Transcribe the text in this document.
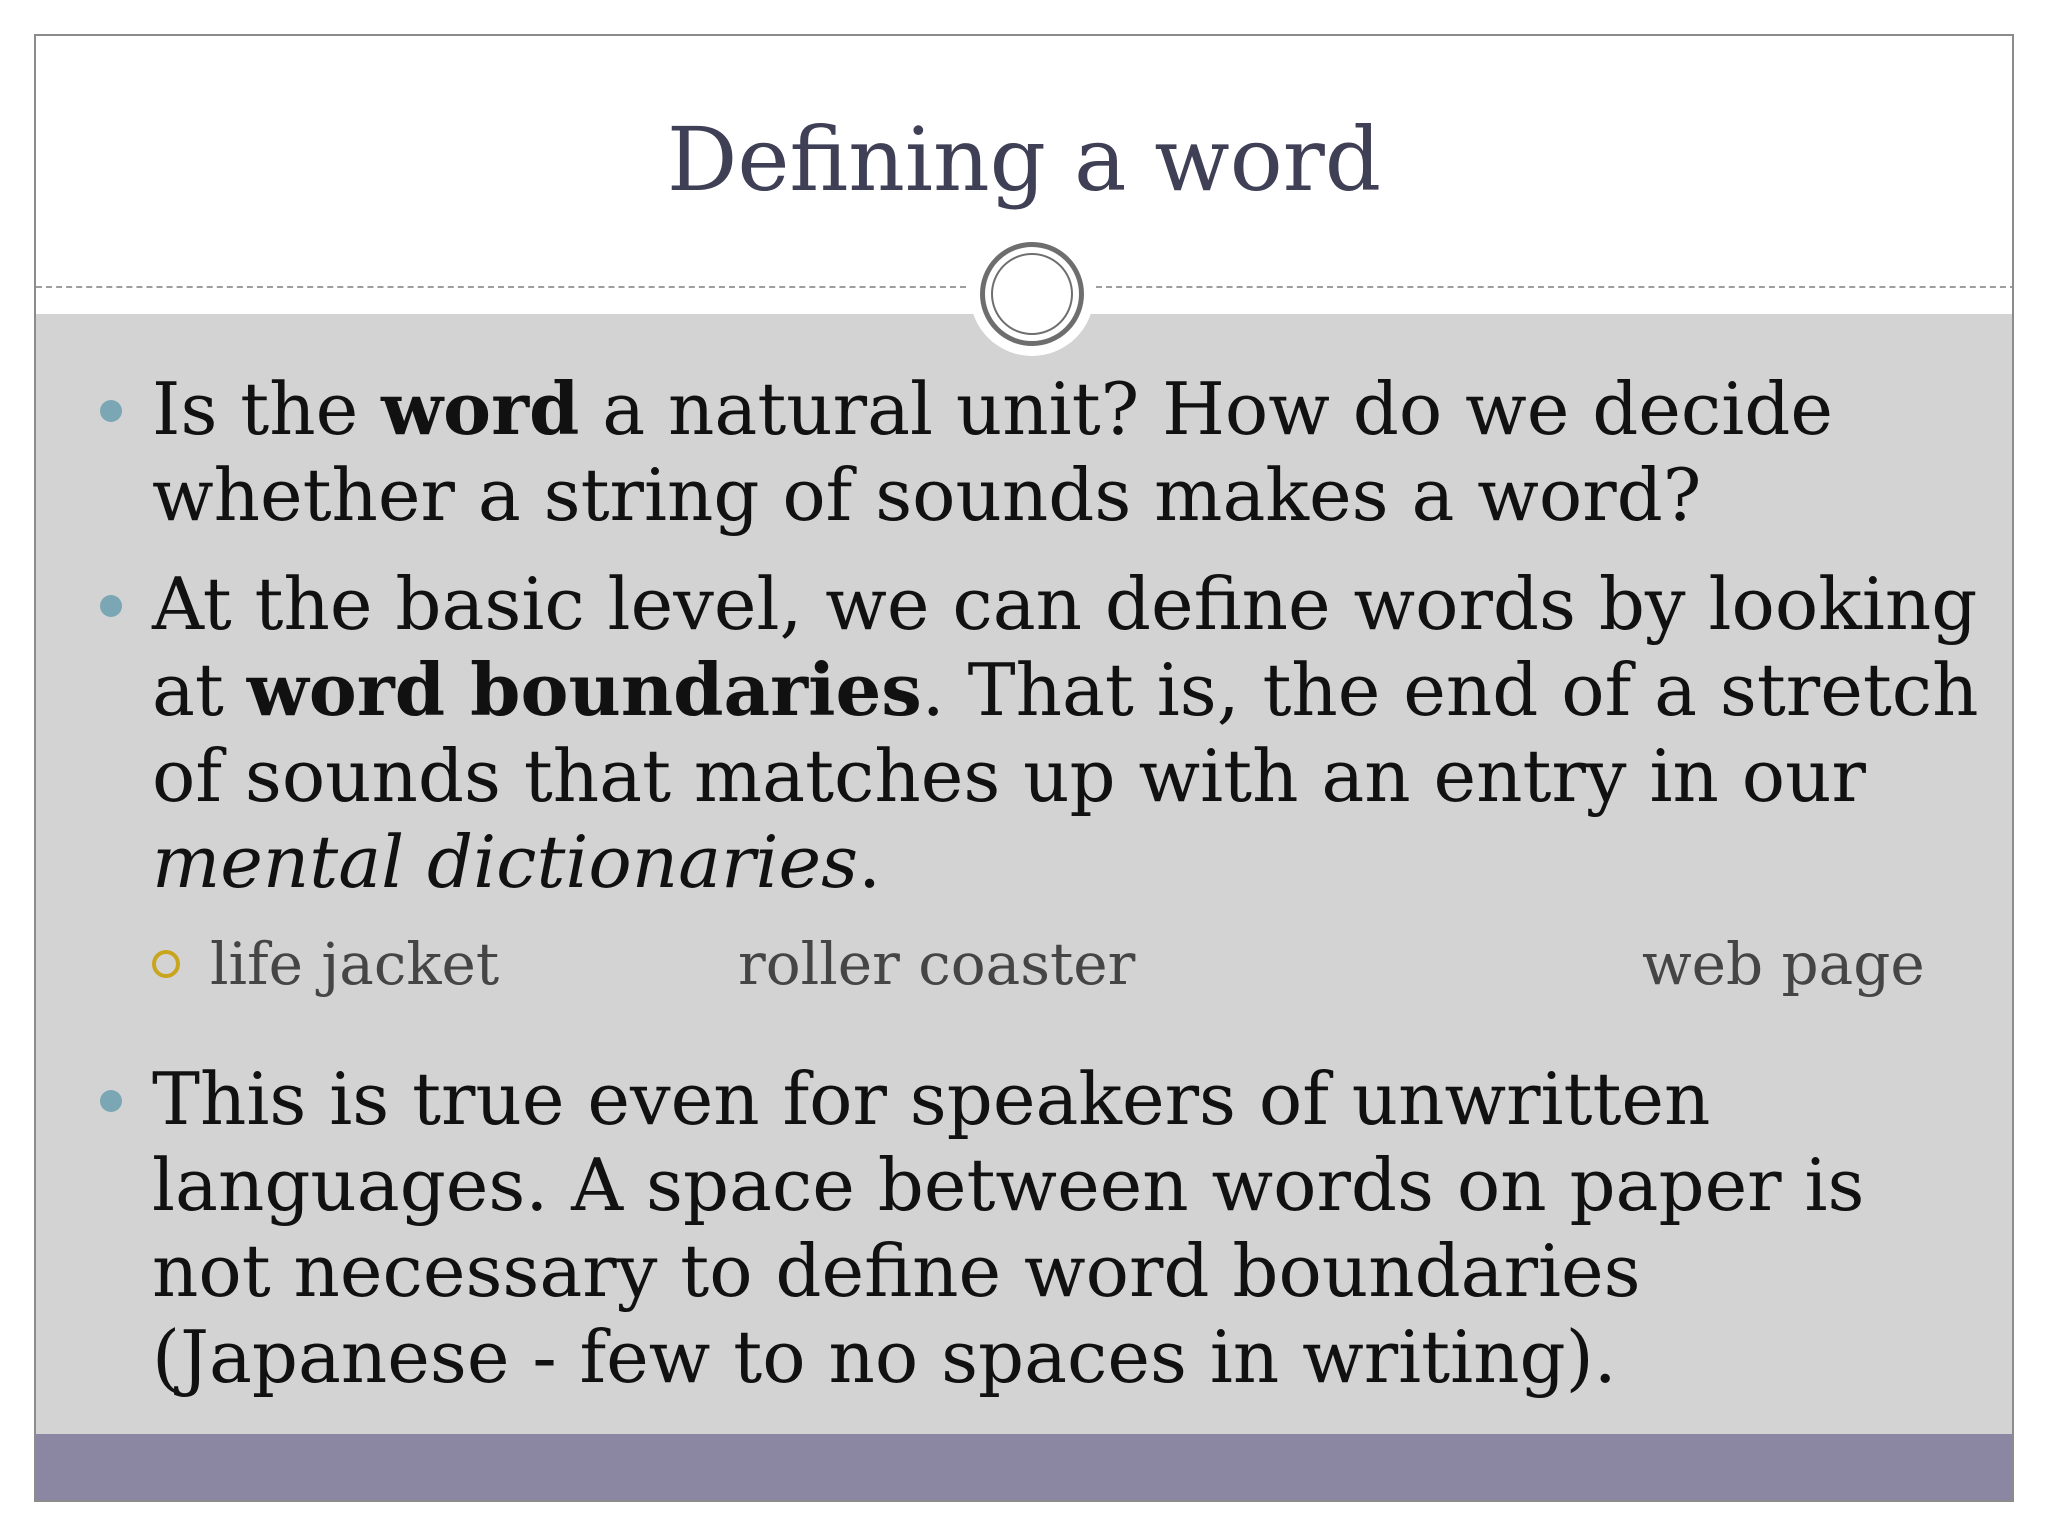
Defining a word
Is the word a natural unit? How do we decide whether a string of sounds makes a word?
At the basic level, we can define words by looking at word boundaries. That is, the end of a stretch of sounds that matches up with an entry in our mental dictionaries.
life jacket	roller coaster	web page
This is true even for speakers of unwritten languages. A space between words on paper is not necessary to define word boundaries (Japanese - few to no spaces in writing).
